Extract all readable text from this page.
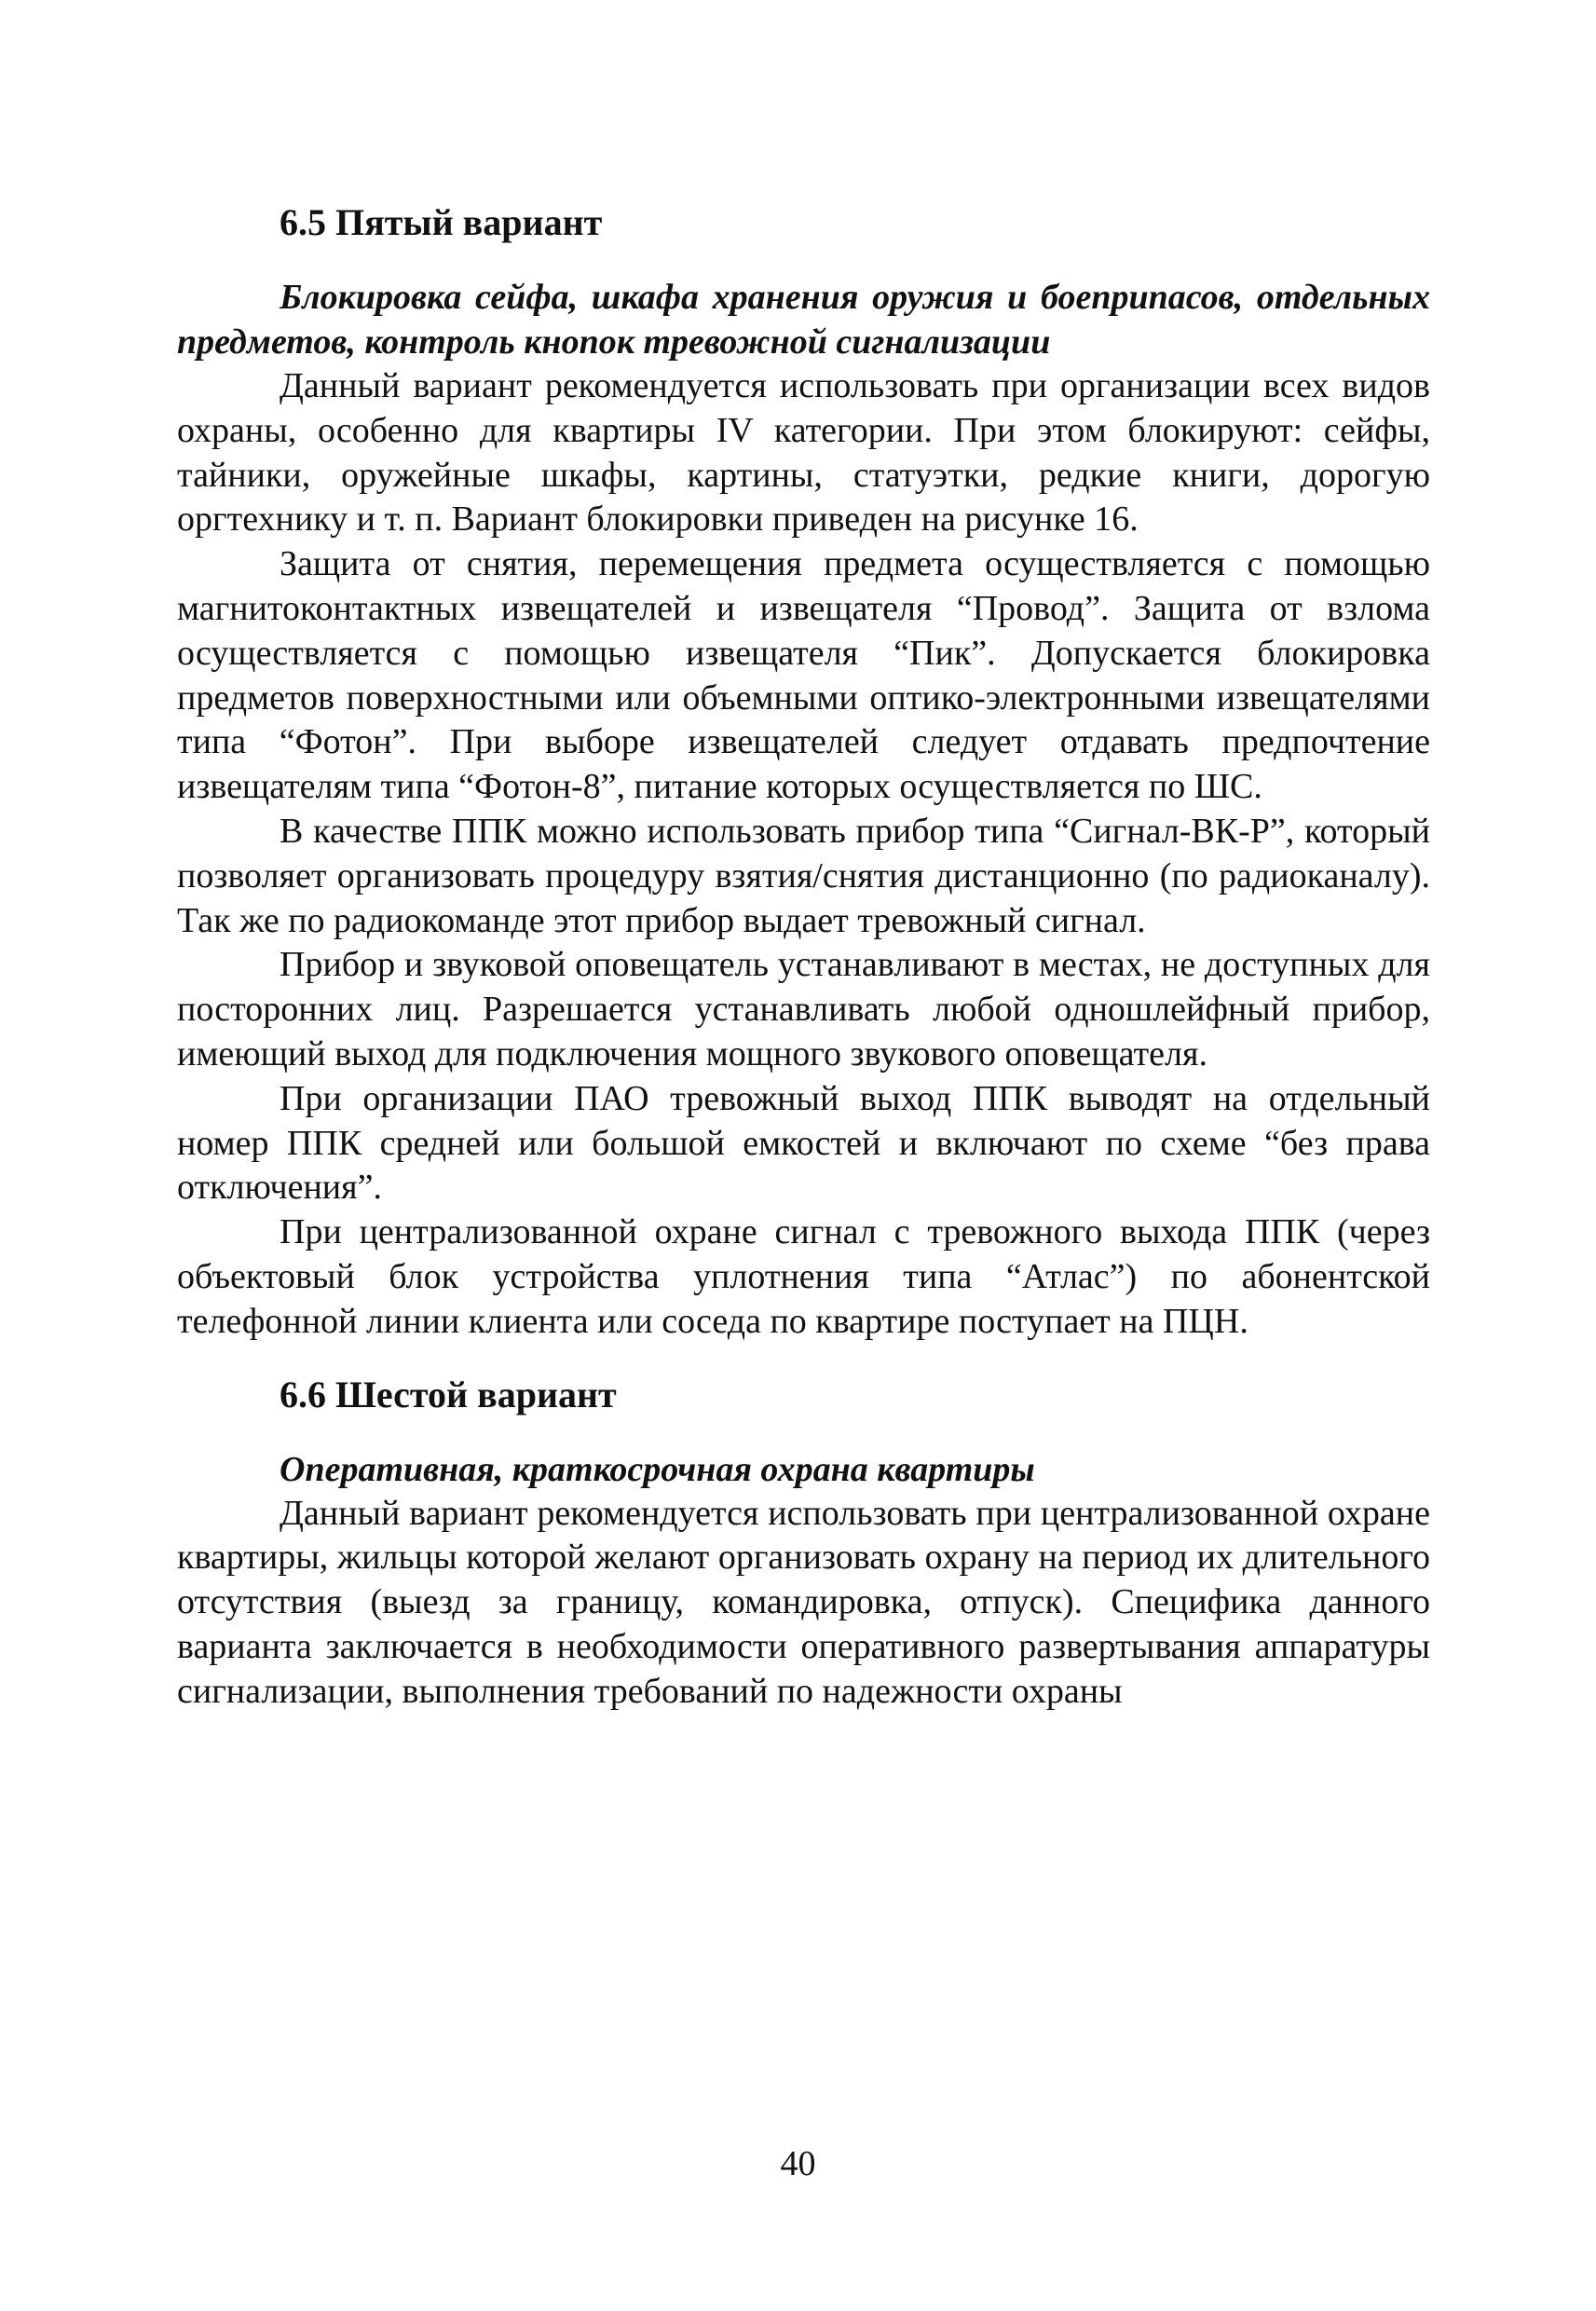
6.5 Пятый вариант

Блокировка сейфа, шкафа хранения оружия и боеприпасов, отдельных предметов, контроль кнопок тревожной сигнализации

Данный вариант рекомендуется использовать при организации всех видов охраны, особенно для квартиры IV категории. При этом блокируют: сейфы, тайники, оружейные шкафы, картины, статуэтки, редкие книги, дорогую оргтехнику и т. п. Вариант блокировки приведен на рисунке 16.

Защита от снятия, перемещения предмета осуществляется с помощью магнитоконтактных извещателей и извещателя “Провод”. Защита от взлома осуществляется с помощью извещателя “Пик”. Допускается блокировка предметов поверхностными или объемными оптико-электронными извещателями типа “Фотон”. При выборе извещателей следует отдавать предпочтение извещателям типа “Фотон-8”, питание которых осуществляется по ШС.

В качестве ППК можно использовать прибор типа “Сигнал-ВК-Р”, который позволяет организовать процедуру взятия/снятия дистанционно (по радиоканалу). Так же по радиокоманде этот прибор выдает тревожный сигнал.

Прибор и звуковой оповещатель устанавливают в местах, не доступных для посторонних лиц. Разрешается устанавливать любой одношлейфный прибор, имеющий выход для подключения мощного звукового оповещателя.

При организации ПАО тревожный выход ППК выводят на отдельный номер ППК средней или большой емкостей и включают по схеме “без права отключения”.

При централизованной охране сигнал с тревожного выхода ППК (через объектовый блок устройства уплотнения типа “Атлас”) по абонентской телефонной линии клиента или соседа по квартире поступает на ПЦН.

6.6 Шестой вариант

Оперативная, краткосрочная охрана квартиры

Данный вариант рекомендуется использовать при централизованной охране квартиры, жильцы которой желают организовать охрану на период их длительного отсутствия (выезд за границу, командировка, отпуск). Специфика данного варианта заключается в необходимости оперативного развертывания аппаратуры сигнализации, выполнения требований по надежности охраны

40
